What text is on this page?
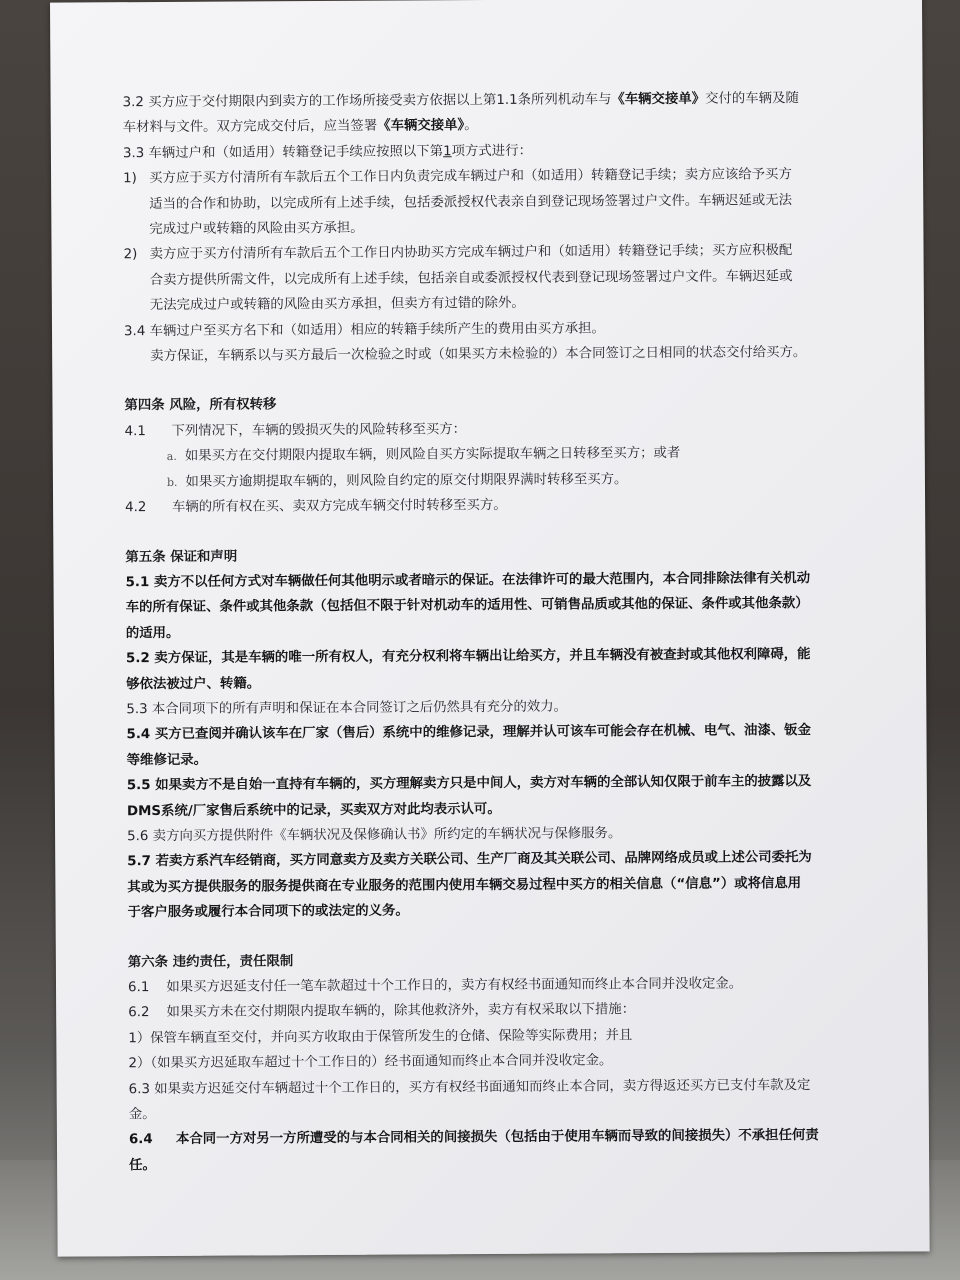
3.2 买方应于交付期限内到卖方的工作场所接受卖方依据以上第1.1条所列机动车与《车辆交接单》交付的车辆及随

车材料与文件。双方完成交付后，应当签署《车辆交接单》。

3.3 车辆过户和（如适用）转籍登记手续应按照以下第1项方式进行：

1) 买方应于买方付清所有车款后五个工作日内负责完成车辆过户和（如适用）转籍登记手续；卖方应该给予买方
适当的合作和协助，以完成所有上述手续，包括委派授权代表亲自到登记现场签署过户文件。车辆迟延或无法
完成过户或转籍的风险由买方承担。
2) 卖方应于买方付清所有车款后五个工作日内协助买方完成车辆过户和（如适用）转籍登记手续；买方应积极配
合卖方提供所需文件，以完成所有上述手续，包括亲自或委派授权代表到登记现场签署过户文件。车辆迟延或
无法完成过户或转籍的风险由买方承担，但卖方有过错的除外。

3.4 车辆过户至买方名下和（如适用）相应的转籍手续所产生的费用由买方承担。

卖方保证，车辆系以与买方最后一次检验之时或（如果买方未检验的）本合同签订之日相同的状态交付给买方。

第四条 风险，所有权转移

4.1      下列情况下，车辆的毁损灭失的风险转移至买方：

a. 如果买方在交付期限内提取车辆，则风险自买方实际提取车辆之日转移至买方；或者

b. 如果买方逾期提取车辆的，则风险自约定的原交付期限界满时转移至买方。

4.2      车辆的所有权在买、卖双方完成车辆交付时转移至买方。

第五条 保证和声明

5.1 卖方不以任何方式对车辆做任何其他明示或者暗示的保证。在法律许可的最大范围内，本合同排除法律有关机动

车的所有保证、条件或其他条款（包括但不限于针对机动车的适用性、可销售品质或其他的保证、条件或其他条款）

的适用。

5.2 卖方保证，其是车辆的唯一所有权人，有充分权利将车辆出让给买方，并且车辆没有被查封或其他权利障碍，能

够依法被过户、转籍。

5.3 本合同项下的所有声明和保证在本合同签订之后仍然具有充分的效力。

5.4 买方已查阅并确认该车在厂家（售后）系统中的维修记录，理解并认可该车可能会存在机械、电气、油漆、钣金

等维修记录。

5.5 如果卖方不是自始一直持有车辆的，买方理解卖方只是中间人，卖方对车辆的全部认知仅限于前车主的披露以及

DMS系统/厂家售后系统中的记录，买卖双方对此均表示认可。

5.6 卖方向买方提供附件《车辆状况及保修确认书》所约定的车辆状况与保修服务。

5.7 若卖方系汽车经销商，买方同意卖方及卖方关联公司、生产厂商及其关联公司、品牌网络成员或上述公司委托为

其或为买方提供服务的服务提供商在专业服务的范围内使用车辆交易过程中买方的相关信息（“信息”）或将信息用

于客户服务或履行本合同项下的或法定的义务。

第六条 违约责任，责任限制

6.1    如果买方迟延支付任一笔车款超过十个工作日的，卖方有权经书面通知而终止本合同并没收定金。

6.2    如果买方未在交付期限内提取车辆的，除其他救济外，卖方有权采取以下措施：

1）保管车辆直至交付，并向买方收取由于保管所发生的仓储、保险等实际费用；并且

2）（如果买方迟延取车超过十个工作日的）经书面通知而终止本合同并没收定金。

6.3 如果卖方迟延交付车辆超过十个工作日的，买方有权经书面通知而终止本合同，卖方得返还买方已支付车款及定

金。

6.4     本合同一方对另一方所遭受的与本合同相关的间接损失（包括由于使用车辆而导致的间接损失）不承担任何责

任。
